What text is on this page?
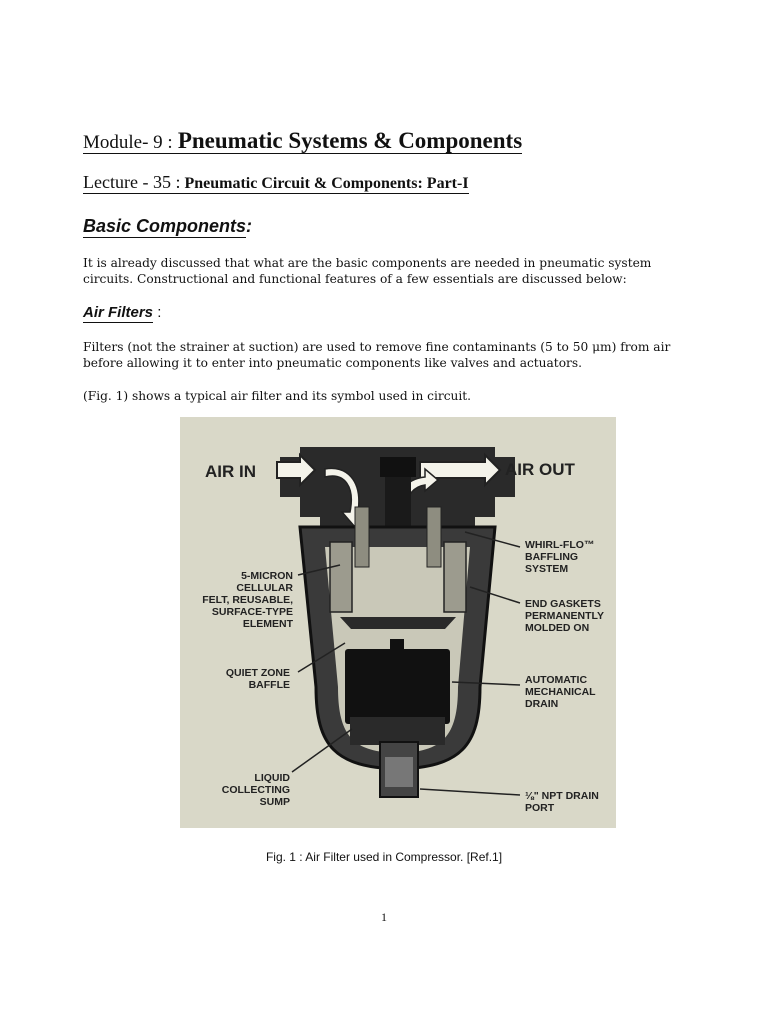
Module- 9 : Pneumatic Systems & Components
Lecture - 35 : Pneumatic Circuit & Components: Part-I
Basic Components:
It is already discussed that what are the basic components are needed in pneumatic system circuits. Constructional and functional features of a few essentials are discussed below:
Air Filters :
Filters (not the strainer at suction) are used to remove fine contaminants (5 to 50 μm) from air before allowing it to enter into pneumatic components like valves and actuators.
(Fig. 1) shows a typical air filter and its symbol used in circuit.
AIR IN	AIR OUT
WHIRL-FLO™
BAFFLING
SYSTEM
5-MICRON
CELLULAR
FELT, REUSABLE,
SURFACE-TYPE
ELEMENT
END GASKETS
PERMANENTLY
MOLDED ON
QUIET ZONE
BAFFLE	AUTOMATIC
MECHANICAL
DRAIN
LIQUID
COLLECTING
SUMP	⅛" NPT DRAIN
PORT
Fig. 1 : Air Filter used in Compressor. [Ref.1]
1
